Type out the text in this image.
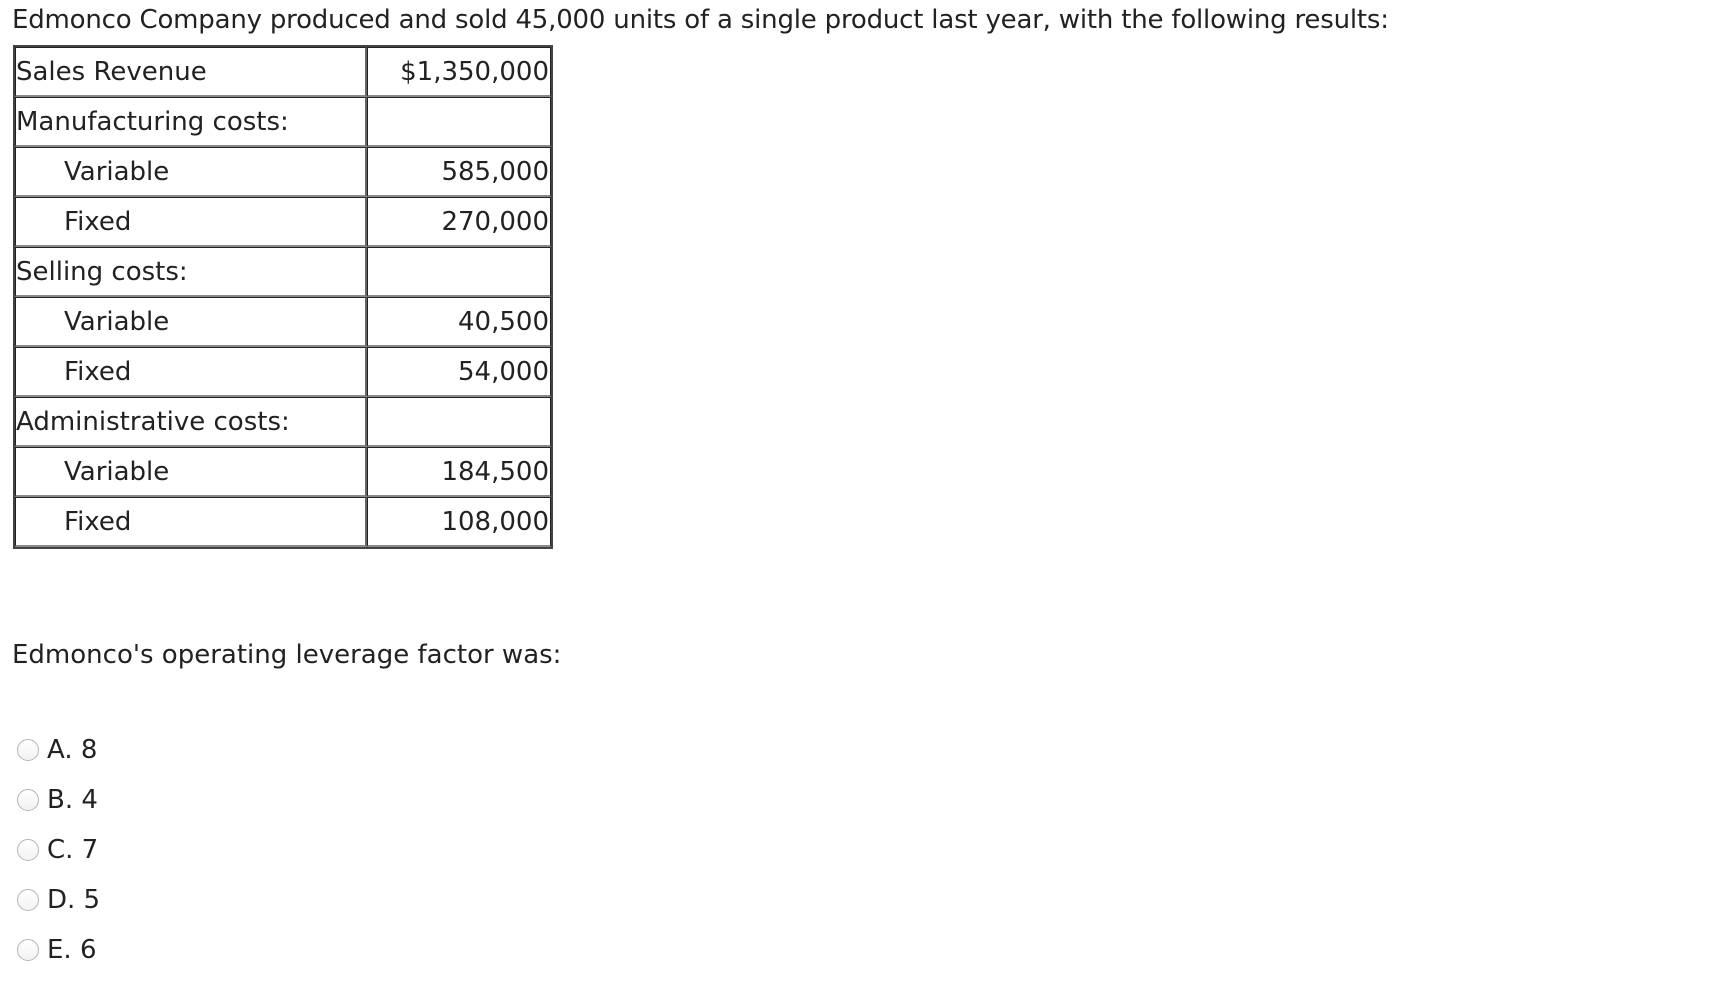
Edmonco Company produced and sold 45,000 units of a single product last year, with the following results:
Sales Revenue	$1,350,000
Manufacturing costs:	
Variable	585,000
Fixed	270,000
Selling costs:	
Variable	40,500
Fixed	54,000
Administrative costs:	
Variable	184,500
Fixed	108,000
Edmonco's operating leverage factor was:
A. 8
B. 4
C. 7
D. 5
E. 6
